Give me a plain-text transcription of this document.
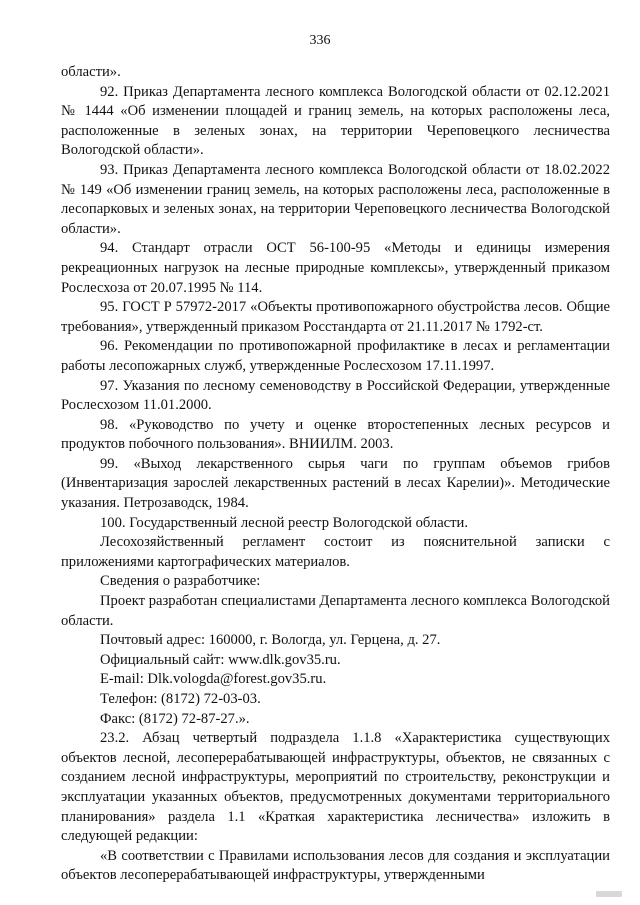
336

области».

92. Приказ Департамента лесного комплекса Вологодской области от 02.12.2021 № 1444 «Об изменении площадей и границ земель, на которых расположены леса, расположенные в зеленых зонах, на территории Череповецкого лесничества Вологодской области».

93. Приказ Департамента лесного комплекса Вологодской области от 18.02.2022 № 149 «Об изменении границ земель, на которых расположены леса, расположенные в лесопарковых и зеленых зонах, на территории Череповецкого лесничества Вологодской области».

94. Стандарт отрасли ОСТ 56-100-95 «Методы и единицы измерения рекреационных нагрузок на лесные природные комплексы», утвержденный приказом Рослесхоза от 20.07.1995 № 114.

95. ГОСТ Р 57972-2017 «Объекты противопожарного обустройства лесов. Общие требования», утвержденный приказом Росстандарта от 21.11.2017 № 1792-ст.

96. Рекомендации по противопожарной профилактике в лесах и регламентации работы лесопожарных служб, утвержденные Рослесхозом 17.11.1997.

97. Указания по лесному семеноводству в Российской Федерации, утвержденные Рослесхозом 11.01.2000.

98. «Руководство по учету и оценке второстепенных лесных ресурсов и продуктов побочного пользования». ВНИИЛМ. 2003.

99. «Выход лекарственного сырья чаги по группам объемов грибов (Инвентаризация зарослей лекарственных растений в лесах Карелии)». Методические указания. Петрозаводск, 1984.

100. Государственный лесной реестр Вологодской области.

Лесохозяйственный регламент состоит из пояснительной записки с приложениями картографических материалов.

Сведения о разработчике:

Проект разработан специалистами Департамента лесного комплекса Вологодской области.

Почтовый адрес: 160000, г. Вологда, ул. Герцена, д. 27.

Официальный сайт: www.dlk.gov35.ru.

E-mail: Dlk.vologda@forest.gov35.ru.

Телефон: (8172) 72-03-03.

Факс: (8172) 72-87-27.».

23.2. Абзац четвертый подраздела 1.1.8 «Характеристика существующих объектов лесной, лесоперерабатывающей инфраструктуры, объектов, не связанных с созданием лесной инфраструктуры, мероприятий по строительству, реконструкции и эксплуатации указанных объектов, предусмотренных документами территориального планирования» раздела 1.1 «Краткая характеристика лесничества» изложить в следующей редакции:

«В соответствии с Правилами использования лесов для создания и эксплуатации объектов лесоперерабатывающей инфраструктуры, утвержденными
